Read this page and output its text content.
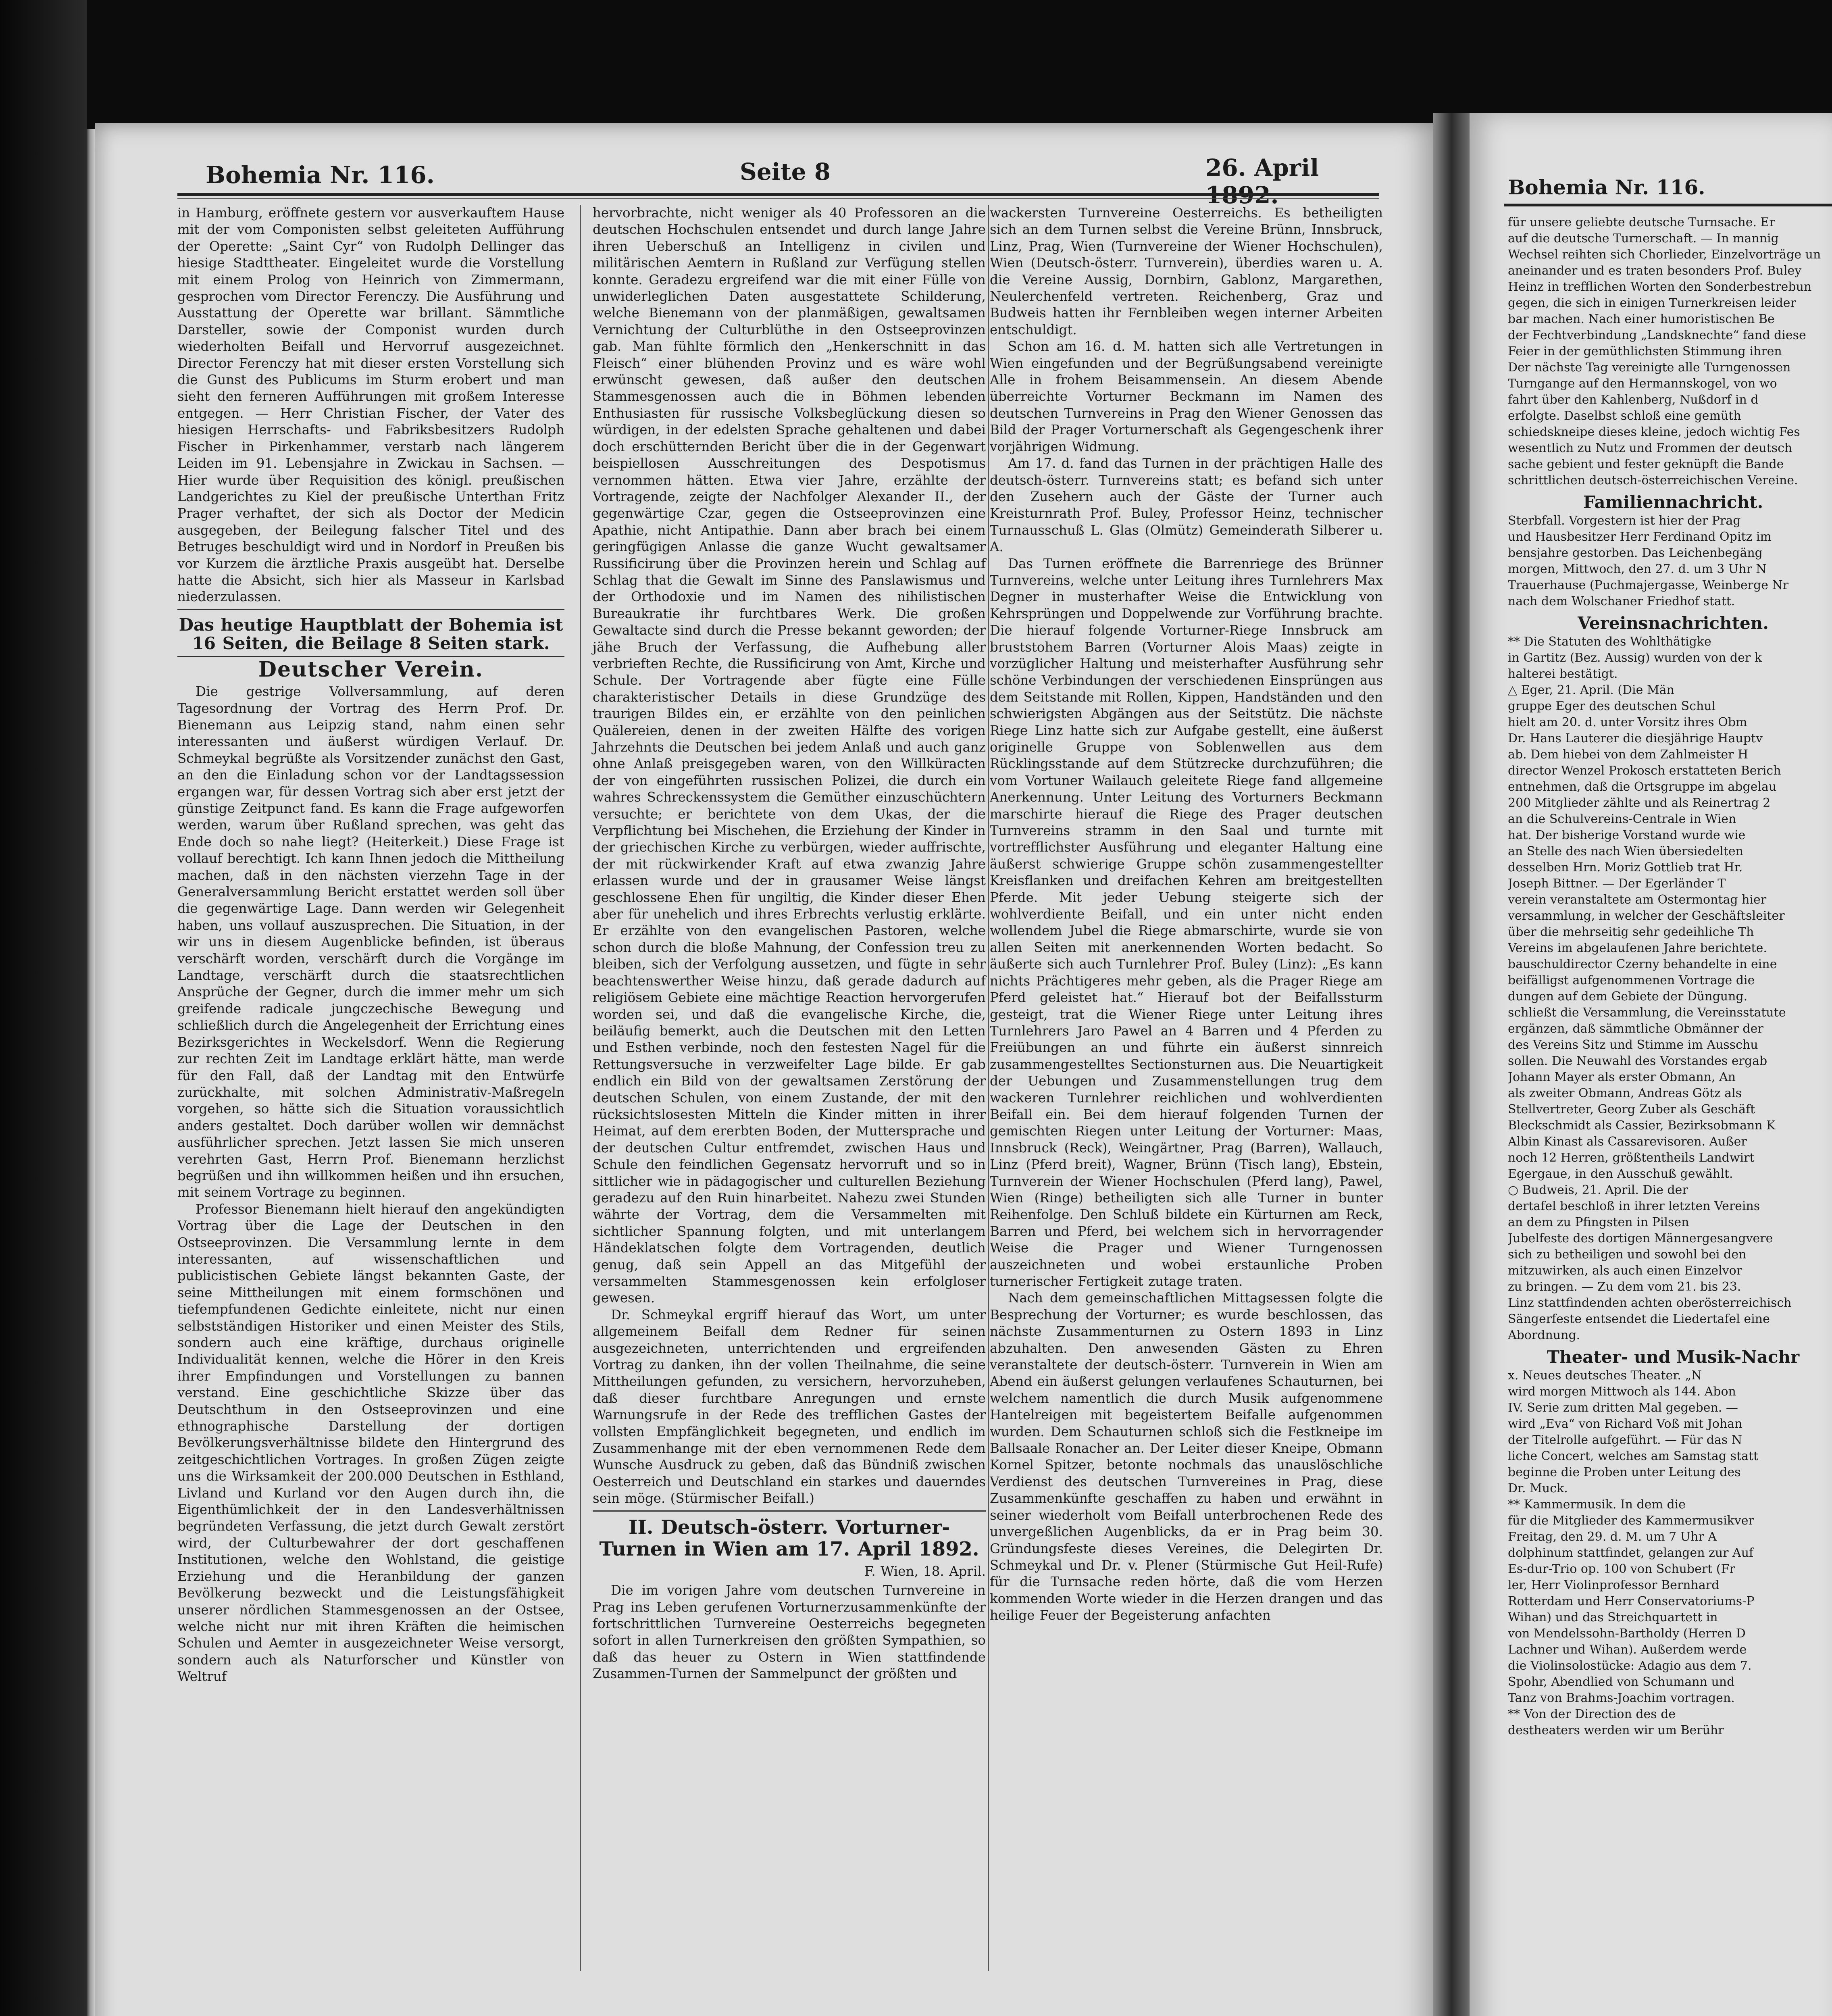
Bohemia Nr. 116.	Seite 8	26. April

in Hamburg, eröffnete gestern vor ausverkauftem Hause mit der vom Componisten selbst geleiteten Aufführung der Operette: „Saint Cyr“ von Rudolph Dellinger das hiesige Stadttheater. Eingeleitet wurde die Vorstellung mit einem Prolog von Heinrich von Zimmermann, gesprochen vom Director Ferenczy. Die Ausführung und Ausstattung der Operette war brillant. Sämmtliche Darsteller, sowie der Componist wurden durch wiederholten Beifall und Hervorruf ausgezeichnet. Director Ferenczy hat mit dieser ersten Vorstellung sich die Gunst des Publicums im Sturm erobert und man sieht den ferneren Aufführungen mit großem Interesse entgegen. — Herr Christian Fischer, der Vater des hiesigen Herrschafts- und Fabriksbesitzers Rudolph Fischer in Pirkenhammer, verstarb nach längerem Leiden im 91. Lebensjahre in Zwickau in Sachsen. — Hier wurde über Requisition des königl. preußischen Landgerichtes zu Kiel der preußische Unterthan Fritz Prager verhaftet, der sich als Doctor der Medicin ausgegeben, der Beilegung falscher Titel und des Betruges beschuldigt wird und in Nordorf in Preußen bis vor Kurzem die ärztliche Praxis ausgeübt hat. Derselbe hatte die Absicht, sich hier als Masseur in Karlsbad niederzulassen.

Das heutige Hauptblatt der Bohemia ist 16 Seiten, die Beilage 8 Seiten stark.
Deutscher Verein.

Die gestrige Vollversammlung, auf deren Tagesordnung der Vortrag des Herrn Prof. Dr. Bienemann aus Leipzig stand, nahm einen sehr interessanten und äußerst würdigen Verlauf. Dr. Schmeykal begrüßte als Vorsitzender zunächst den Gast, an den die Einladung schon vor der Landtagssession ergangen war, für dessen Vortrag sich aber erst jetzt der günstige Zeitpunct fand. Es kann die Frage aufgeworfen werden, warum über Rußland sprechen, was geht das Ende doch so nahe liegt? (Heiterkeit.) Diese Frage ist vollauf berechtigt. Ich kann Ihnen jedoch die Mittheilung machen, daß in den nächsten vierzehn Tage in der Generalversammlung Bericht erstattet werden soll über die gegenwärtige Lage. Dann werden wir Gelegenheit haben, uns vollauf auszusprechen. Die Situation, in der wir uns in diesem Augenblicke befinden, ist überaus verschärft worden, verschärft durch die Vorgänge im Landtage, verschärft durch die staatsrechtlichen Ansprüche der Gegner, durch die immer mehr um sich greifende radicale jungczechische Bewegung und schließlich durch die Angelegenheit der Errichtung eines Bezirksgerichtes in Weckelsdorf. Wenn die Regierung zur rechten Zeit im Landtage erklärt hätte, man werde für den Fall, daß der Landtag mit den Entwürfe zurückhalte, mit solchen Administrativ-Maßregeln vorgehen, so hätte sich die Situation voraussichtlich anders gestaltet. Doch darüber wollen wir demnächst ausführlicher sprechen. Jetzt lassen Sie mich unseren verehrten Gast, Herrn Prof. Bienemann herzlichst begrüßen und ihn willkommen heißen und ihn ersuchen, mit seinem Vortrage zu beginnen.

Professor Bienemann hielt hierauf den angekündigten Vortrag über die Lage der Deutschen in den Ostseeprovinzen. Die Versammlung lernte in dem interessanten, auf wissenschaftlichen und publicistischen Gebiete längst bekannten Gaste, der seine Mittheilungen mit einem formschönen und tiefempfundenen Gedichte einleitete, nicht nur einen selbstständigen Historiker und einen Meister des Stils, sondern auch eine kräftige, durchaus originelle Individualität kennen, welche die Hörer in den Kreis ihrer Empfindungen und Vorstellungen zu bannen verstand. Eine geschichtliche Skizze über das Deutschthum in den Ostseeprovinzen und eine ethnographische Darstellung der dortigen Bevölkerungsverhältnisse bildete den Hintergrund des zeitgeschichtlichen Vortrages. In großen Zügen zeigte uns die Wirksamkeit der 200.000 Deutschen in Esthland, Livland und Kurland vor den Augen durch ihn, die Eigenthümlichkeit der in den Landesverhältnissen begründeten Verfassung, die jetzt durch Gewalt zerstört wird, der Culturbewahrer der dort geschaffenen Institutionen, welche den Wohlstand, die geistige Erziehung und die Heranbildung der ganzen Bevölkerung bezweckt und die Leistungsfähigkeit unserer nördlichen Stammesgenossen an der Ostsee, welche nicht nur mit ihren Kräften die heimischen Schulen und Aemter in ausgezeichneter Weise versorgt, sondern auch als Naturforscher und Künstler von Weltruf

hervorbrachte, nicht weniger als 40 Professoren an die deutschen Hochschulen entsendet und durch lange Jahre ihren Ueberschuß an Intelligenz in civilen und militärischen Aemtern in Rußland zur Verfügung stellen konnte. Geradezu ergreifend war die mit einer Fülle von unwiderleglichen Daten ausgestattete Schilderung, welche Bienemann von der planmäßigen, gewaltsamen Vernichtung der Culturblüthe in den Ostseeprovinzen gab. Man fühlte förmlich den „Henkerschnitt in das Fleisch“ einer blühenden Provinz und es wäre wohl erwünscht gewesen, daß außer den deutschen Stammesgenossen auch die in Böhmen lebenden Enthusiasten für russische Volksbeglückung diesen so würdigen, in der edelsten Sprache gehaltenen und dabei doch erschütternden Bericht über die in der Gegenwart beispiellosen Ausschreitungen des Despotismus vernommen hätten. Etwa vier Jahre, erzählte der Vortragende, zeigte der Nachfolger Alexander II., der gegenwärtige Czar, gegen die Ostseeprovinzen eine Apathie, nicht Antipathie. Dann aber brach bei einem geringfügigen Anlasse die ganze Wucht gewaltsamer Russificirung über die Provinzen herein und Schlag auf Schlag that die Gewalt im Sinne des Panslawismus und der Orthodoxie und im Namen des nihilistischen Bureaukratie ihr furchtbares Werk. Die großen Gewaltacte sind durch die Presse bekannt geworden; der jähe Bruch der Verfassung, die Aufhebung aller verbrieften Rechte, die Russificirung von Amt, Kirche und Schule. Der Vortragende aber fügte eine Fülle charakteristischer Details in diese Grundzüge des traurigen Bildes ein, er erzählte von den peinlichen Quälereien, denen in der zweiten Hälfte des vorigen Jahrzehnts die Deutschen bei jedem Anlaß und auch ganz ohne Anlaß preisgegeben waren, von den Willküracten der von eingeführten russischen Polizei, die durch ein wahres Schreckenssystem die Gemüther einzuschüchtern versuchte; er berichtete von dem Ukas, der die Verpflichtung bei Mischehen, die Erziehung der Kinder in der griechischen Kirche zu verbürgen, wieder auffrischte, der mit rückwirkender Kraft auf etwa zwanzig Jahre erlassen wurde und der in grausamer Weise längst geschlossene Ehen für ungiltig, die Kinder dieser Ehen aber für unehelich und ihres Erbrechts verlustig erklärte. Er erzählte von den evangelischen Pastoren, welche schon durch die bloße Mahnung, der Confession treu zu bleiben, sich der Verfolgung aussetzen, und fügte in sehr beachtenswerther Weise hinzu, daß gerade dadurch auf religiösem Gebiete eine mächtige Reaction hervorgerufen worden sei, und daß die evangelische Kirche, die, beiläufig bemerkt, auch die Deutschen mit den Letten und Esthen verbinde, noch den festesten Nagel für die Rettungsversuche in verzweifelter Lage bilde. Er gab endlich ein Bild von der gewaltsamen Zerstörung der deutschen Schulen, von einem Zustande, der mit den rücksichtslosesten Mitteln die Kinder mitten in ihrer Heimat, auf dem ererbten Boden, der Muttersprache und der deutschen Cultur entfremdet, zwischen Haus und Schule den feindlichen Gegensatz hervorruft und so in sittlicher wie in pädagogischer und culturellen Beziehung geradezu auf den Ruin hinarbeitet. Nahezu zwei Stunden währte der Vortrag, dem die Versammelten mit sichtlicher Spannung folgten, und mit unterlangem Händeklatschen folgte dem Vortragenden, deutlich genug, daß sein Appell an das Mitgefühl der versammelten Stammesgenossen kein erfolgloser gewesen.

Dr. Schmeykal ergriff hierauf das Wort, um unter allgemeinem Beifall dem Redner für seinen ausgezeichneten, unterrichtenden und ergreifenden Vortrag zu danken, ihn der vollen Theilnahme, die seine Mittheilungen gefunden, zu versichern, hervorzuheben, daß dieser furchtbare Anregungen und ernste Warnungsrufe in der Rede des trefflichen Gastes der vollsten Empfänglichkeit begegneten, und endlich im Zusammenhange mit der eben vernommenen Rede dem Wunsche Ausdruck zu geben, daß das Bündniß zwischen Oesterreich und Deutschland ein starkes und dauerndes sein möge. (Stürmischer Beifall.)

II. Deutsch-österr. Vorturner-Turnen in Wien am 17. April 1892.
F. Wien, 18. April.

Die im vorigen Jahre vom deutschen Turnvereine in Prag ins Leben gerufenen Vorturnerzusammenkünfte der fortschrittlichen Turnvereine Oesterreichs begegneten sofort in allen Turnerkreisen den größten Sympathien, so daß das heuer zu Ostern in Wien stattfindende Zusammen-Turnen der Sammelpunct der größten und

wackersten Turnvereine Oesterreichs. Es betheiligten sich an dem Turnen selbst die Vereine Brünn, Innsbruck, Linz, Prag, Wien (Turnvereine der Wiener Hochschulen), Wien (Deutsch-österr. Turnverein), überdies waren u. A. die Vereine Aussig, Dornbirn, Gablonz, Margarethen, Neulerchenfeld vertreten. Reichenberg, Graz und Budweis hatten ihr Fernbleiben wegen interner Arbeiten entschuldigt.

Schon am 16. d. M. hatten sich alle Vertretungen in Wien eingefunden und der Begrüßungsabend vereinigte Alle in frohem Beisammensein. An diesem Abende überreichte Vorturner Beckmann im Namen des deutschen Turnvereins in Prag den Wiener Genossen das Bild der Prager Vorturnerschaft als Gegengeschenk ihrer vorjährigen Widmung.

Am 17. d. fand das Turnen in der prächtigen Halle des deutsch-österr. Turnvereins statt; es befand sich unter den Zusehern auch der Gäste der Turner auch Kreisturnrath Prof. Buley, Professor Heinz, technischer Turnausschuß L. Glas (Olmütz) Gemeinderath Silberer u. A.

Das Turnen eröffnete die Barrenriege des Brünner Turnvereins, welche unter Leitung ihres Turnlehrers Max Degner in musterhafter Weise die Entwicklung von Kehrsprüngen und Doppelwende zur Vorführung brachte. Die hierauf folgende Vorturner-Riege Innsbruck am bruststohem Barren (Vorturner Alois Maas) zeigte in vorzüglicher Haltung und meisterhafter Ausführung sehr schöne Verbindungen der verschiedenen Einsprüngen aus dem Seitstande mit Rollen, Kippen, Handständen und den schwierigsten Abgängen aus der Seitstütz. Die nächste Riege Linz hatte sich zur Aufgabe gestellt, eine äußerst originelle Gruppe von Soblenwellen aus dem Rücklingsstande auf dem Stützrecke durchzuführen; die vom Vortuner Wailauch geleitete Riege fand allgemeine Anerkennung. Unter Leitung des Vorturners Beckmann marschirte hierauf die Riege des Prager deutschen Turnvereins stramm in den Saal und turnte mit vortrefflichster Ausführung und eleganter Haltung eine äußerst schwierige Gruppe schön zusammengestellter Kreisflanken und dreifachen Kehren am breitgestellten Pferde. Mit jeder Uebung steigerte sich der wohlverdiente Beifall, und ein unter nicht enden wollendem Jubel die Riege abmarschirte, wurde sie von allen Seiten mit anerkennenden Worten bedacht. So äußerte sich auch Turnlehrer Prof. Buley (Linz): „Es kann nichts Prächtigeres mehr geben, als die Prager Riege am Pferd geleistet hat.“ Hierauf bot der Beifallssturm gesteigt, trat die Wiener Riege unter Leitung ihres Turnlehrers Jaro Pawel an 4 Barren und 4 Pferden zu Freiübungen an und führte ein äußerst sinnreich zusammengestelltes Sectionsturnen aus. Die Neuartigkeit der Uebungen und Zusammenstellungen trug dem wackeren Turnlehrer reichlichen und wohlverdienten Beifall ein. Bei dem hierauf folgenden Turnen der gemischten Riegen unter Leitung der Vorturner: Maas, Innsbruck (Reck), Weingärtner, Prag (Barren), Wallauch, Linz (Pferd breit), Wagner, Brünn (Tisch lang), Ebstein, Turnverein der Wiener Hochschulen (Pferd lang), Pawel, Wien (Ringe) betheiligten sich alle Turner in bunter Reihenfolge. Den Schluß bildete ein Kürturnen am Reck, Barren und Pferd, bei welchem sich in hervorragender Weise die Prager und Wiener Turngenossen auszeichneten und wobei erstaunliche Proben turnerischer Fertigkeit zutage traten.

Nach dem gemeinschaftlichen Mittagsessen folgte die Besprechung der Vorturner; es wurde beschlossen, das nächste Zusammenturnen zu Ostern 1893 in Linz abzuhalten. Den anwesenden Gästen zu Ehren veranstaltete der deutsch-österr. Turnverein in Wien am Abend ein äußerst gelungen verlaufenes Schauturnen, bei welchem namentlich die durch Musik aufgenommene Hantelreigen mit begeistertem Beifalle aufgenommen wurden. Dem Schauturnen schloß sich die Festkneipe im Ballsaale Ronacher an. Der Leiter dieser Kneipe, Obmann Kornel Spitzer, betonte nochmals das unauslöschliche Verdienst des deutschen Turnvereines in Prag, diese Zusammenkünfte geschaffen zu haben und erwähnt in seiner wiederholt vom Beifall unterbrochenen Rede des unvergeßlichen Augenblicks, da er in Prag beim 30. Gründungsfeste dieses Vereines, die Delegirten Dr. Schmeykal und Dr. v. Plener (Stürmische Gut Heil-Rufe) für die Turnsache reden hörte, daß die vom Herzen kommenden Worte wieder in die Herzen drangen und das heilige Feuer der Begeisterung anfachten

Bohemia Nr. 116.
für unsere geliebte deutsche Turnsache. Er
auf die deutsche Turnerschaft. — In mannig
Wechsel reihten sich Chorlieder, Einzelvorträge un
aneinander und es traten besonders Prof. Buley
Heinz in trefflichen Worten den Sonderbestrebun
gegen, die sich in einigen Turnerkreisen leider
bar machen. Nach einer humoristischen Be
der Fechtverbindung „Landsknechte“ fand diese
Feier in der gemüthlichsten Stimmung ihren
Der nächste Tag vereinigte alle Turngenossen
Turngange auf den Hermannskogel, von wo
fahrt über den Kahlenberg, Nußdorf in d
erfolgte. Daselbst schloß eine gemüth
schiedskneipe dieses kleine, jedoch wichtig Fes
wesentlich zu Nutz und Frommen der deutsch
sache gebient und fester geknüpft die Bande
schrittlichen deutsch-österreichischen Vereine.
Familiennachricht.
Sterbfall. Vorgestern ist hier der Prag
und Hausbesitzer Herr Ferdinand Opitz im
bensjahre gestorben. Das Leichenbegäng
morgen, Mittwoch, den 27. d. um 3 Uhr N
Trauerhause (Puchmajergasse, Weinberge Nr
nach dem Wolschaner Friedhof statt.
Vereinsnachrichten.
** Die Statuten des Wohlthätigke
in Gartitz (Bez. Aussig) wurden von der k
halterei bestätigt.
△ Eger, 21. April. (Die Män
gruppe Eger des deutschen Schul
hielt am 20. d. unter Vorsitz ihres Obm
Dr. Hans Lauterer die diesjährige Hauptv
ab. Dem hiebei von dem Zahlmeister H
director Wenzel Prokosch erstatteten Berich
entnehmen, daß die Ortsgruppe im abgelau
200 Mitglieder zählte und als Reinertrag 2
an die Schulvereins-Centrale in Wien
hat. Der bisherige Vorstand wurde wie
an Stelle des nach Wien übersiedelten
desselben Hrn. Moriz Gottlieb trat Hr.
Joseph Bittner. — Der Egerländer T
verein veranstaltete am Ostermontag hier
versammlung, in welcher der Geschäftsleiter
über die mehrseitig sehr gedeihliche Th
Vereins im abgelaufenen Jahre berichtete.
bauschuldirector Czerny behandelte in eine
beifälligst aufgenommenen Vortrage die
dungen auf dem Gebiete der Düngung.
schließt die Versammlung, die Vereinsstatute
ergänzen, daß sämmtliche Obmänner der
des Vereins Sitz und Stimme im Ausschu
sollen. Die Neuwahl des Vorstandes ergab
Johann Mayer als erster Obmann, An
als zweiter Obmann, Andreas Götz als
Stellvertreter, Georg Zuber als Geschäft
Bleckschmidt als Cassier, Bezirksobmann K
Albin Kinast als Cassarevisoren. Außer
noch 12 Herren, größtentheils Landwirt
Egergaue, in den Ausschuß gewählt.
○ Budweis, 21. April. Die der
dertafel beschloß in ihrer letzten Vereins
an dem zu Pfingsten in Pilsen
Jubelfeste des dortigen Männergesangvere
sich zu betheiligen und sowohl bei den
mitzuwirken, als auch einen Einzelvor
zu bringen. — Zu dem vom 21. bis 23.
Linz stattfindenden achten oberösterreichisch
Sängerfeste entsendet die Liedertafel eine
Abordnung.
Theater- und Musik-Nachr
x. Neues deutsches Theater. „N
wird morgen Mittwoch als 144. Abon
IV. Serie zum dritten Mal gegeben. —
wird „Eva“ von Richard Voß mit Johan
der Titelrolle aufgeführt. — Für das N
liche Concert, welches am Samstag statt
beginne die Proben unter Leitung des
Dr. Muck.
** Kammermusik. In dem die
für die Mitglieder des Kammermusikver
Freitag, den 29. d. M. um 7 Uhr A
dolphinum stattfindet, gelangen zur Auf
Es-dur-Trio op. 100 von Schubert (Fr
ler, Herr Violinprofessor Bernhard
Rotterdam und Herr Conservatoriums-P
Wihan) und das Streichquartett in
von Mendelssohn-Bartholdy (Herren D
Lachner und Wihan). Außerdem werde
die Violinsolostücke: Adagio aus dem 7.
Spohr, Abendlied von Schumann und
Tanz von Brahms-Joachim vortragen.
** Von der Direction des de
destheaters werden wir um Berühr
